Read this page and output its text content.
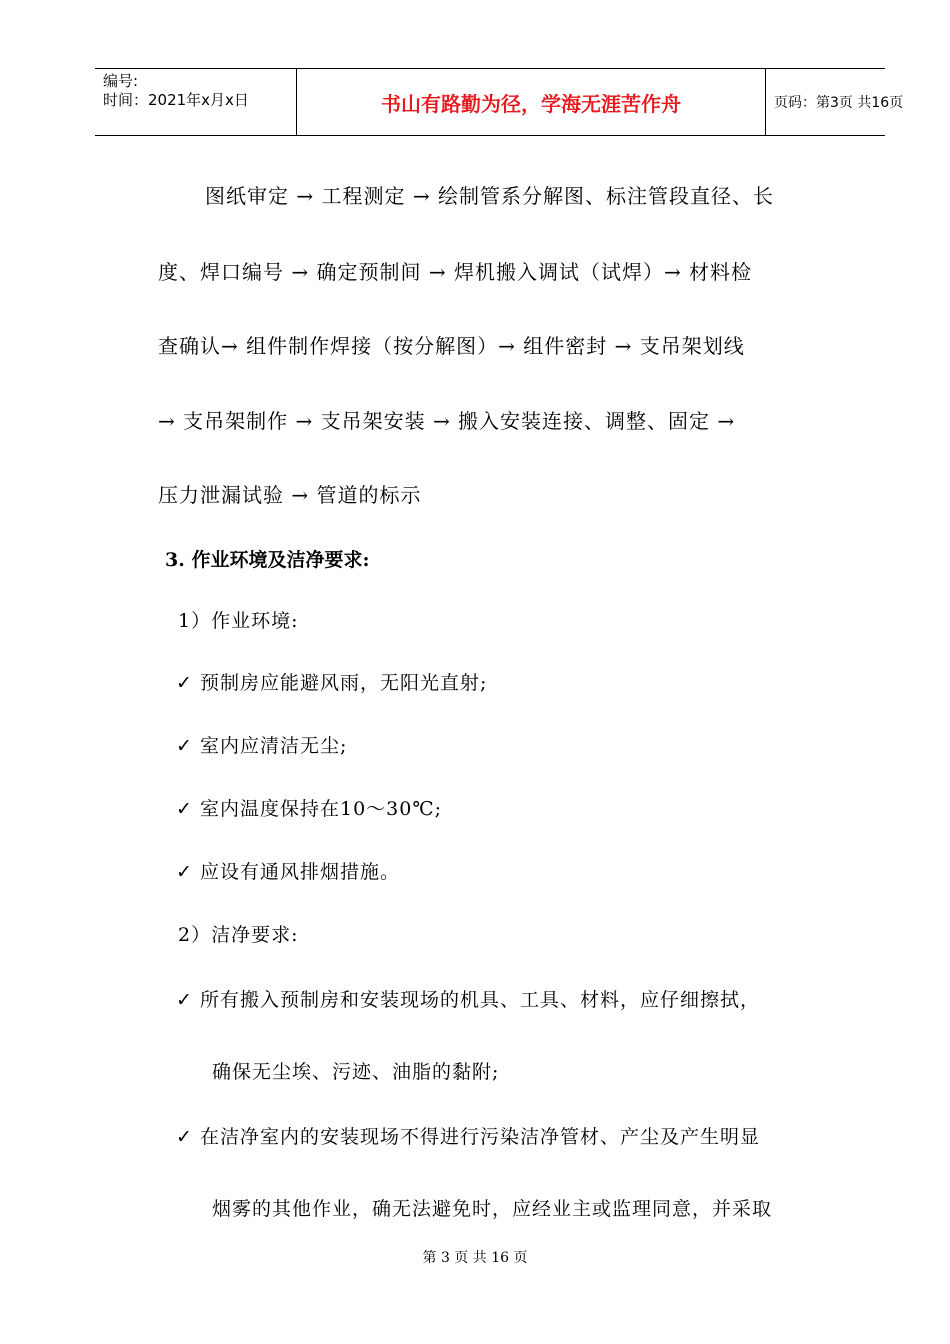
编号:
时间：2021年x月x日	书山有路勤为径，学海无涯苦作舟	页码：第3页 共16页
图纸审定 → 工程测定 → 绘制管系分解图、标注管段直径、长
度、焊口编号 → 确定预制间 → 焊机搬入调试（试焊）→ 材料检
查确认→ 组件制作焊接（按分解图）→ 组件密封 → 支吊架划线
→ 支吊架制作 → 支吊架安装 → 搬入安装连接、调整、固定 →
压力泄漏试验 → 管道的标示
3. 作业环境及洁净要求:
1）作业环境:
✓ 预制房应能避风雨，无阳光直射;
✓ 室内应清洁无尘;
✓ 室内温度保持在10～30℃;
✓ 应设有通风排烟措施。
2）洁净要求:
✓ 所有搬入预制房和安装现场的机具、工具、材料，应仔细擦拭，
确保无尘埃、污迹、油脂的黏附;
✓ 在洁净室内的安装现场不得进行污染洁净管材、产尘及产生明显
烟雾的其他作业，确无法避免时，应经业主或监理同意，并采取
第 3 页 共 16 页
